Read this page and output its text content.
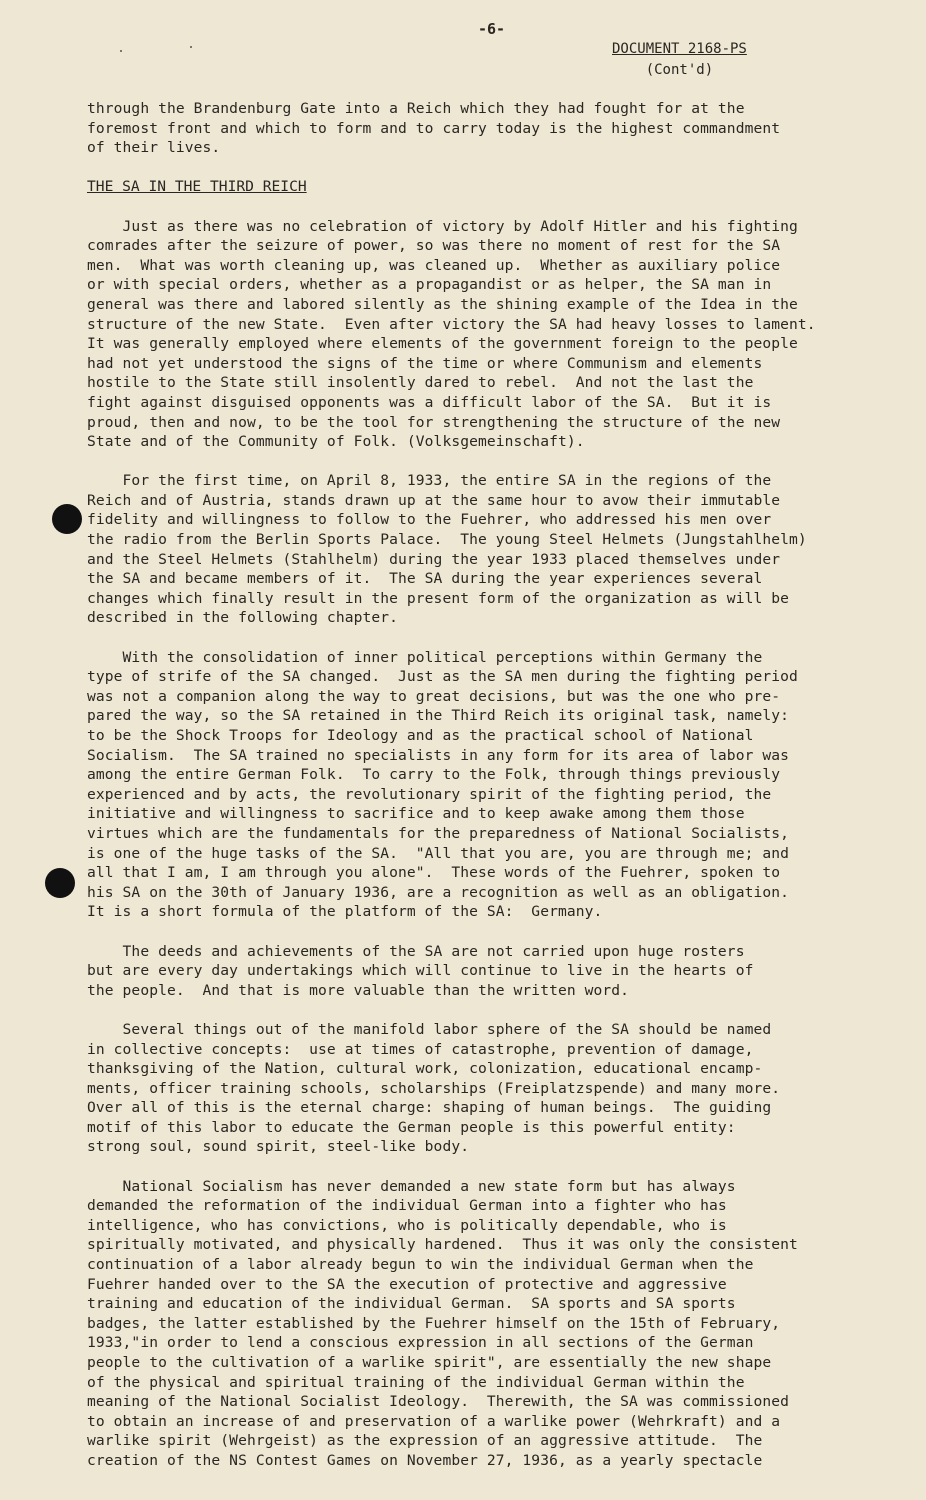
-6-
DOCUMENT 2168-PS
(Cont'd)
through the Brandenburg Gate into a Reich which they had fought for at the
foremost front and which to form and to carry today is the highest commandment
of their lives.
THE SA IN THE THIRD REICH
Just as there was no celebration of victory by Adolf Hitler and his fighting
comrades after the seizure of power, so was there no moment of rest for the SA
men.  What was worth cleaning up, was cleaned up.  Whether as auxiliary police
or with special orders, whether as a propagandist or as helper, the SA man in
general was there and labored silently as the shining example of the Idea in the
structure of the new State.  Even after victory the SA had heavy losses to lament.
It was generally employed where elements of the government foreign to the people
had not yet understood the signs of the time or where Communism and elements
hostile to the State still insolently dared to rebel.  And not the last the
fight against disguised opponents was a difficult labor of the SA.  But it is
proud, then and now, to be the tool for strengthening the structure of the new
State and of the Community of Folk. (Volksgemeinschaft).
For the first time, on April 8, 1933, the entire SA in the regions of the
Reich and of Austria, stands drawn up at the same hour to avow their immutable
fidelity and willingness to follow to the Fuehrer, who addressed his men over
the radio from the Berlin Sports Palace.  The young Steel Helmets (Jungstahlhelm)
and the Steel Helmets (Stahlhelm) during the year 1933 placed themselves under
the SA and became members of it.  The SA during the year experiences several
changes which finally result in the present form of the organization as will be
described in the following chapter.
With the consolidation of inner political perceptions within Germany the
type of strife of the SA changed.  Just as the SA men during the fighting period
was not a companion along the way to great decisions, but was the one who pre-
pared the way, so the SA retained in the Third Reich its original task, namely:
to be the Shock Troops for Ideology and as the practical school of National
Socialism.  The SA trained no specialists in any form for its area of labor was
among the entire German Folk.  To carry to the Folk, through things previously
experienced and by acts, the revolutionary spirit of the fighting period, the
initiative and willingness to sacrifice and to keep awake among them those
virtues which are the fundamentals for the preparedness of National Socialists,
is one of the huge tasks of the SA.  "All that you are, you are through me; and
all that I am, I am through you alone".  These words of the Fuehrer, spoken to
his SA on the 30th of January 1936, are a recognition as well as an obligation.
It is a short formula of the platform of the SA:  Germany.
The deeds and achievements of the SA are not carried upon huge rosters
but are every day undertakings which will continue to live in the hearts of
the people.  And that is more valuable than the written word.
Several things out of the manifold labor sphere of the SA should be named
in collective concepts:  use at times of catastrophe, prevention of damage,
thanksgiving of the Nation, cultural work, colonization, educational encamp-
ments, officer training schools, scholarships (Freiplatzspende) and many more.
Over all of this is the eternal charge: shaping of human beings.  The guiding
motif of this labor to educate the German people is this powerful entity:
strong soul, sound spirit, steel-like body.
National Socialism has never demanded a new state form but has always
demanded the reformation of the individual German into a fighter who has
intelligence, who has convictions, who is politically dependable, who is
spiritually motivated, and physically hardened.  Thus it was only the consistent
continuation of a labor already begun to win the individual German when the
Fuehrer handed over to the SA the execution of protective and aggressive
training and education of the individual German.  SA sports and SA sports
badges, the latter established by the Fuehrer himself on the 15th of February,
1933,"in order to lend a conscious expression in all sections of the German
people to the cultivation of a warlike spirit", are essentially the new shape
of the physical and spiritual training of the individual German within the
meaning of the National Socialist Ideology.  Therewith, the SA was commissioned
to obtain an increase of and preservation of a warlike power (Wehrkraft) and a
warlike spirit (Wehrgeist) as the expression of an aggressive attitude.  The
creation of the NS Contest Games on November 27, 1936, as a yearly spectacle
